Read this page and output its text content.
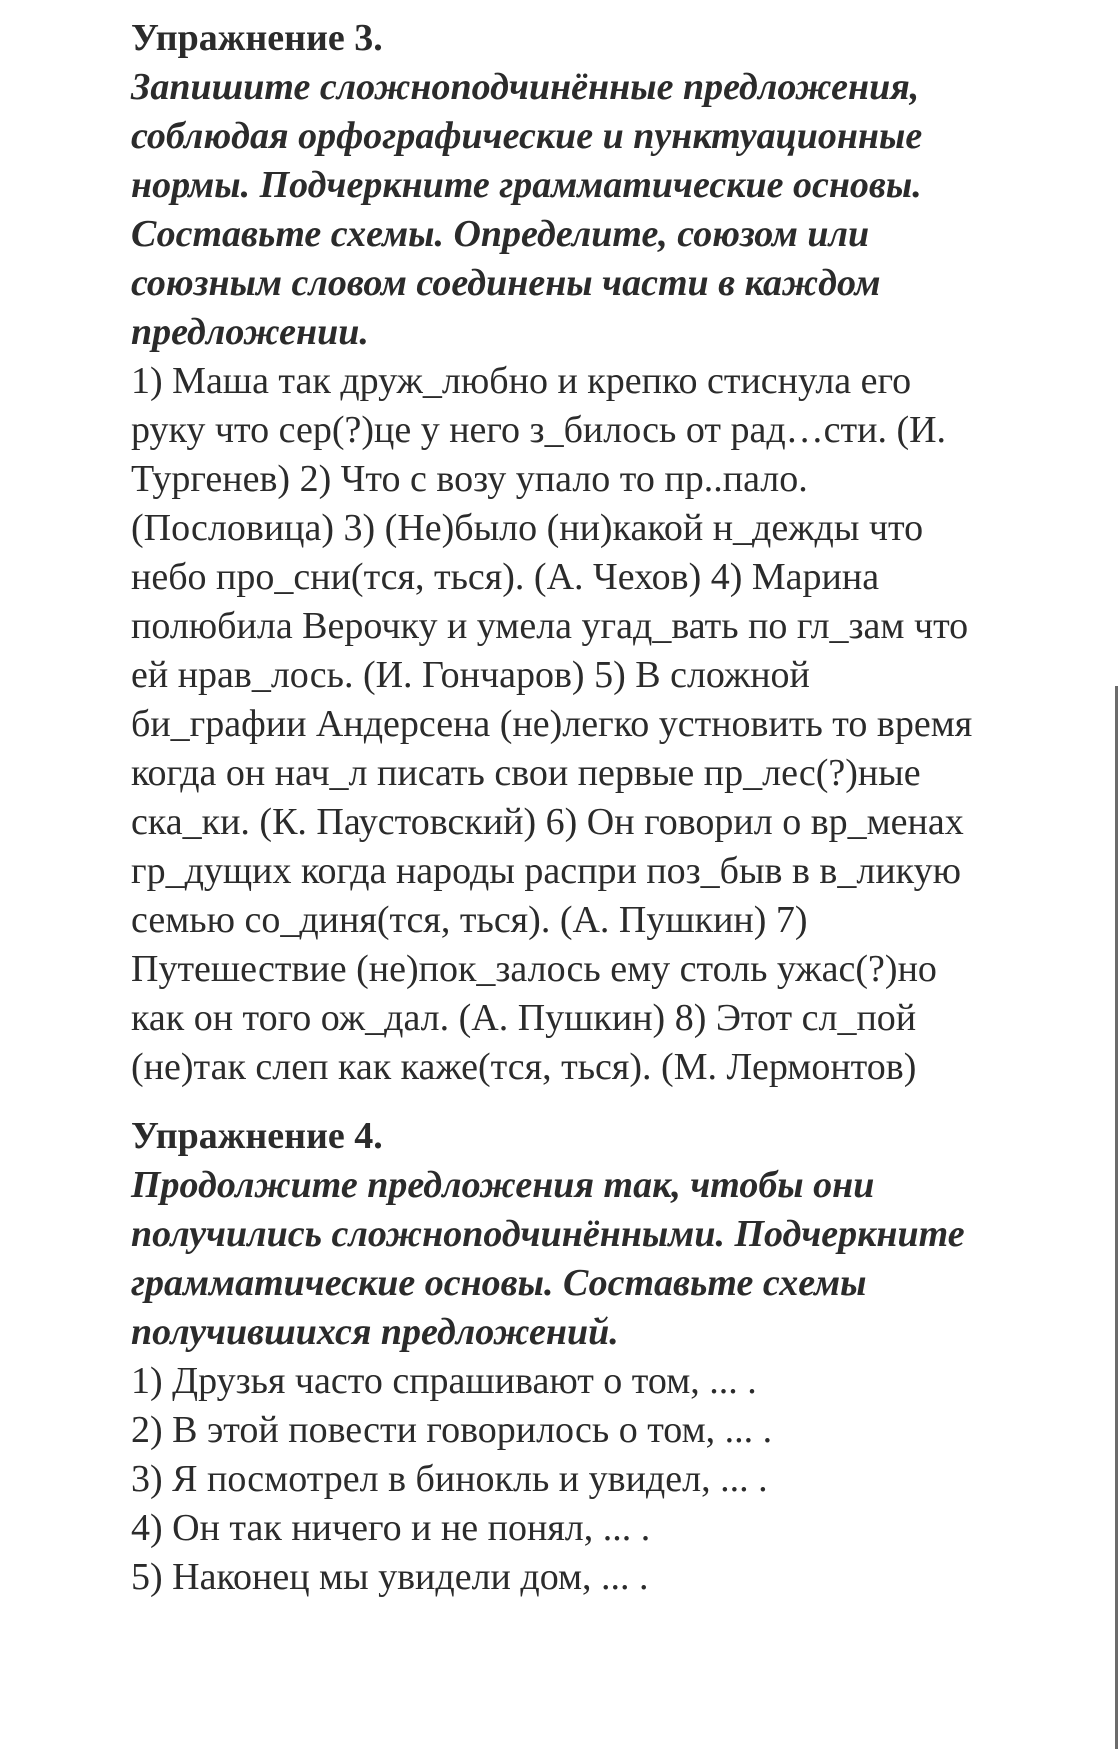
Упражнение 3.
Запишите сложноподчинённые предложения,
соблюдая орфографические и пунктуационные
нормы. Подчеркните грамматические основы.
Составьте схемы. Определите, союзом или
союзным словом соединены части в каждом
предложении.
1) Маша так друж_любно и крепко стиснула его
руку что сер(?)це у него з_билось от рад…сти. (И.
Тургенев) 2) Что с возу упало то пр..пало.
(Пословица) 3) (Не)было (ни)какой н_дежды что
небо про_сни(тся, ться). (А. Чехов) 4) Марина
полюбила Верочку и умела угад_вать по гл_зам что
ей нрав_лось. (И. Гончаров) 5) В сложной
би_графии Андерсена (не)легко устновить то время
когда он нач_л писать свои первые пр_лес(?)ные
ска_ки. (К. Паустовский) 6) Он говорил о вр_менах
гр_дущих когда народы распри поз_быв в в_ликую
семью со_диня(тся, ться). (А. Пушкин) 7)
Путешествие (не)пок_залось ему столь ужас(?)но
как он того ож_дал. (А. Пушкин) 8) Этот сл_пой
(не)так слеп как каже(тся, ться). (М. Лермонтов)
Упражнение 4.
Продолжите предложения так, чтобы они
получились сложноподчинёнными. Подчеркните
грамматические основы. Составьте схемы
получившихся предложений.
1) Друзья часто спрашивают о том, ... .
2) В этой повести говорилось о том, ... .
3) Я посмотрел в бинокль и увидел, ... .
4) Он так ничего и не понял, ... .
5) Наконец мы увидели дом, ... .
